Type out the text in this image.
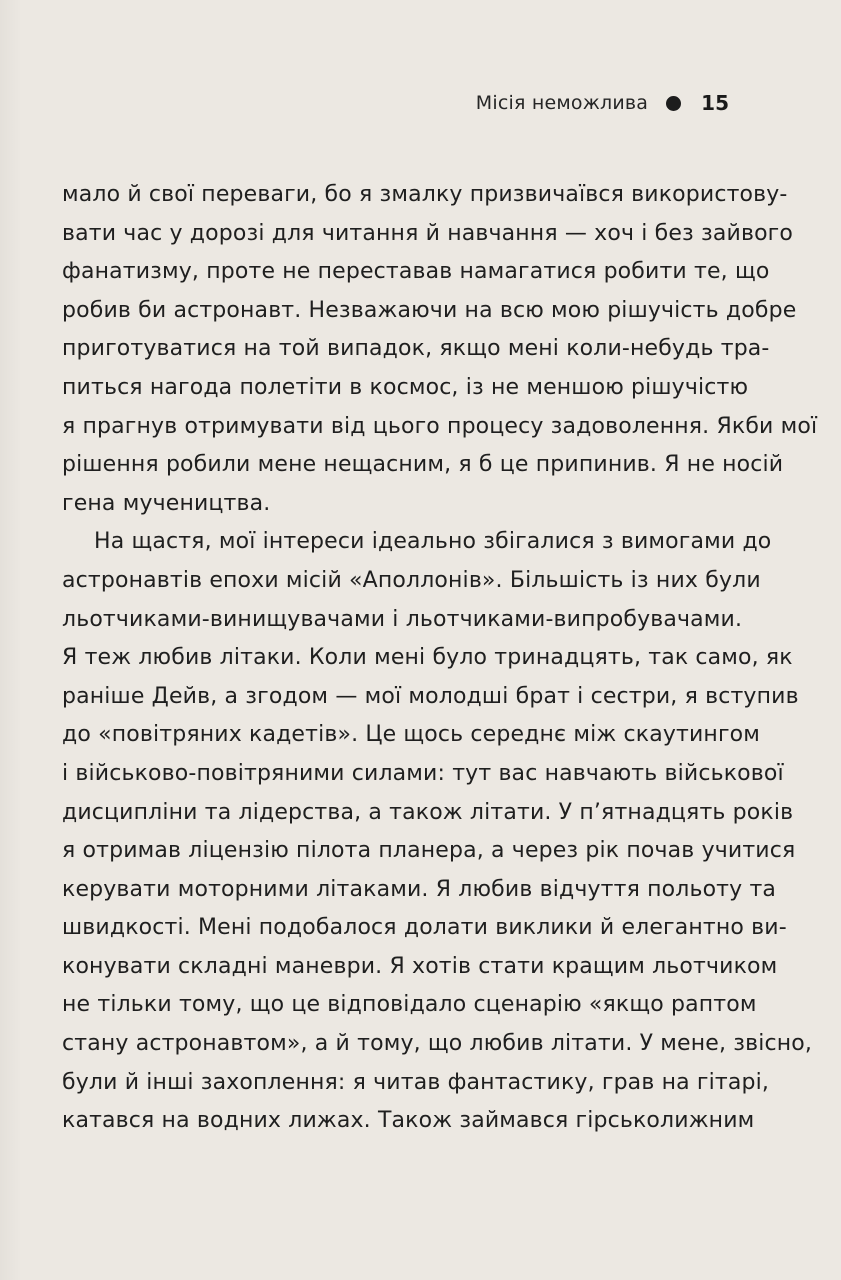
Місія неможлива	15
мало й свої переваги, бо я змалку призвичаївся використову-
вати час у дорозі для читання й навчання — хоч і без зайвого
фанатизму, проте не переставав намагатися робити те, що
робив би астронавт. Незважаючи на всю мою рішучість добре
приготуватися на той випадок, якщо мені коли-небудь тра-
питься нагода полетіти в космос, із не меншою рішучістю
я прагнув отримувати від цього процесу задоволення. Якби мої
рішення робили мене нещасним, я б це припинив. Я не носій
гена мучеництва.
На щастя, мої інтереси ідеально збігалися з вимогами до
астронавтів епохи місій «Аполлонів». Більшість із них були
льотчиками-винищувачами і льотчиками-випробувачами.
Я теж любив літаки. Коли мені було тринадцять, так само, як
раніше Дейв, а згодом — мої молодші брат і сестри, я вступив
до «повітряних кадетів». Це щось середнє між скаутингом
і військово-повітряними силами: тут вас навчають військової
дисципліни та лідерства, а також літати. У п’ятнадцять років
я отримав ліцензію пілота планера, а через рік почав учитися
керувати моторними літаками. Я любив відчуття польоту та
швидкості. Мені подобалося долати виклики й елегантно ви-
конувати складні маневри. Я хотів стати кращим льотчиком
не тільки тому, що це відповідало сценарію «якщо раптом
стану астронавтом», а й тому, що любив літати. У мене, звісно,
були й інші захоплення: я читав фантастику, грав на гітарі,
катався на водних лижах. Також займався гірськолижним
